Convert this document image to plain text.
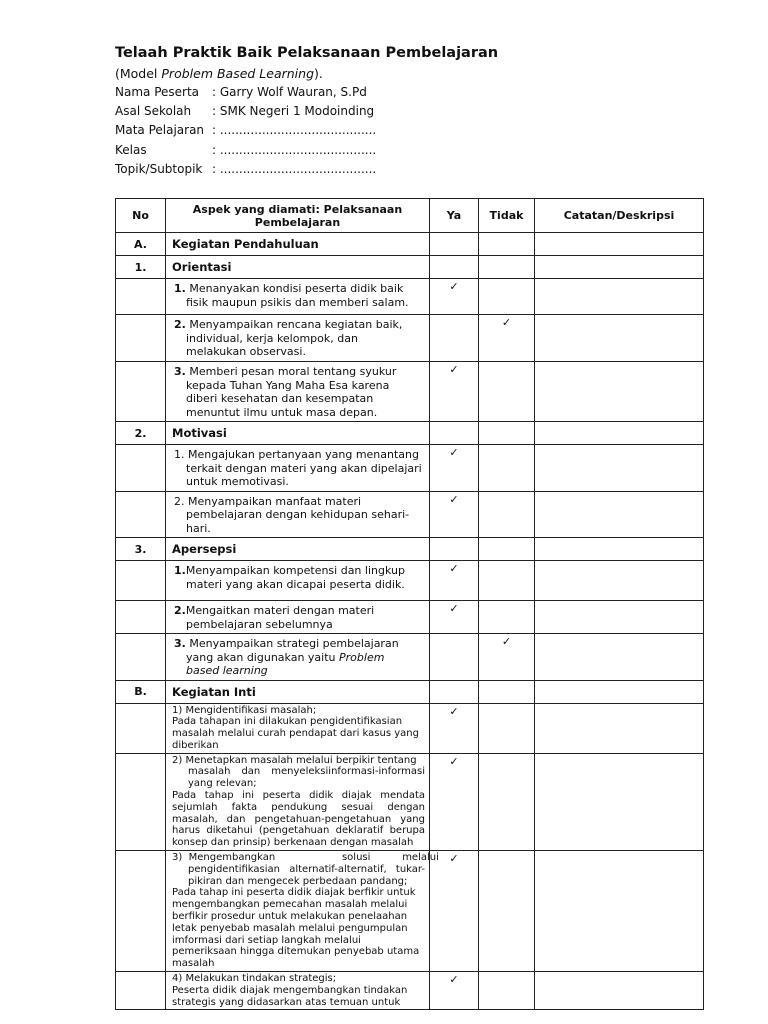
Telaah Praktik Baik Pelaksanaan Pembelajaran
(Model Problem Based Learning).
Nama Peserta	: Garry Wolf Wauran, S.Pd
Asal Sekolah	: SMK Negeri 1 Modoinding
Mata Pelajaran : .........................................
Kelas	: .........................................
Topik/Subtopik : .........................................
No	Aspek yang diamati: Pelaksanaan Pembelajaran	Ya	Tidak	Catatan/Deskripsi
A.	Kegiatan Pendahuluan			
1.	Orientasi			
	1. Menanyakan kondisi peserta didik baik
fisik maupun psikis dan memberi salam.	✓		
	2. Menyampaikan rencana kegiatan baik,
individual, kerja kelompok, dan
melakukan observasi.		✓	
	3. Memberi pesan moral tentang syukur
kepada Tuhan Yang Maha Esa karena
diberi kesehatan dan kesempatan
menuntut ilmu untuk masa depan.	✓		
2.	Motivasi			
	1. Mengajukan pertanyaan yang menantang
terkait dengan materi yang akan dipelajari
untuk memotivasi.	✓		
	2. Menyampaikan manfaat materi
pembelajaran dengan kehidupan sehari-
hari.	✓		
3.	Apersepsi			
	1.Menyampaikan kompetensi dan lingkup
materi yang akan dicapai peserta didik.	✓		
	2.Mengaitkan materi dengan materi
pembelajaran sebelumnya	✓		
	3. Menyampaikan strategi pembelajaran
yang akan digunakan yaitu Problem
based learning		✓	
B.	Kegiatan Inti			

	1) Mengidentifikasi masalah;
Pada tahapan ini dilakukan pengidentifikasian masalah melalui curah pendapat dari kasus yang diberikan	✓		

	2) Menetapkan masalah melalui berpikir tentang
masalah dan menyeleksiinformasi-informasi yang relevan;
Pada tahap ini peserta didik diajak mendata sejumlah fakta pendukung sesuai dengan masalah, dan pengetahuan-pengetahuan yang harus diketahui (pengetahuan deklaratif berupa konsep dan prinsip) berkenaan dengan masalah	✓		

	3)  Mengembangkan                     solusi          melalui
pengidentifikasian alternatif-alternatif, tukar-pikiran dan mengecek perbedaan pandang;
Pada tahap ini peserta didik diajak berfikir untuk mengembangkan pemecahan masalah melalui berfikir prosedur untuk melakukan penelaahan letak penyebab masalah melalui pengumpulan imformasi dari setiap langkah melalui pemeriksaan hingga ditemukan penyebab utama masalah	✓		

	4) Melakukan tindakan strategis;
Peserta didik diajak mengembangkan tindakan strategis yang didasarkan atas temuan untuk	✓		
